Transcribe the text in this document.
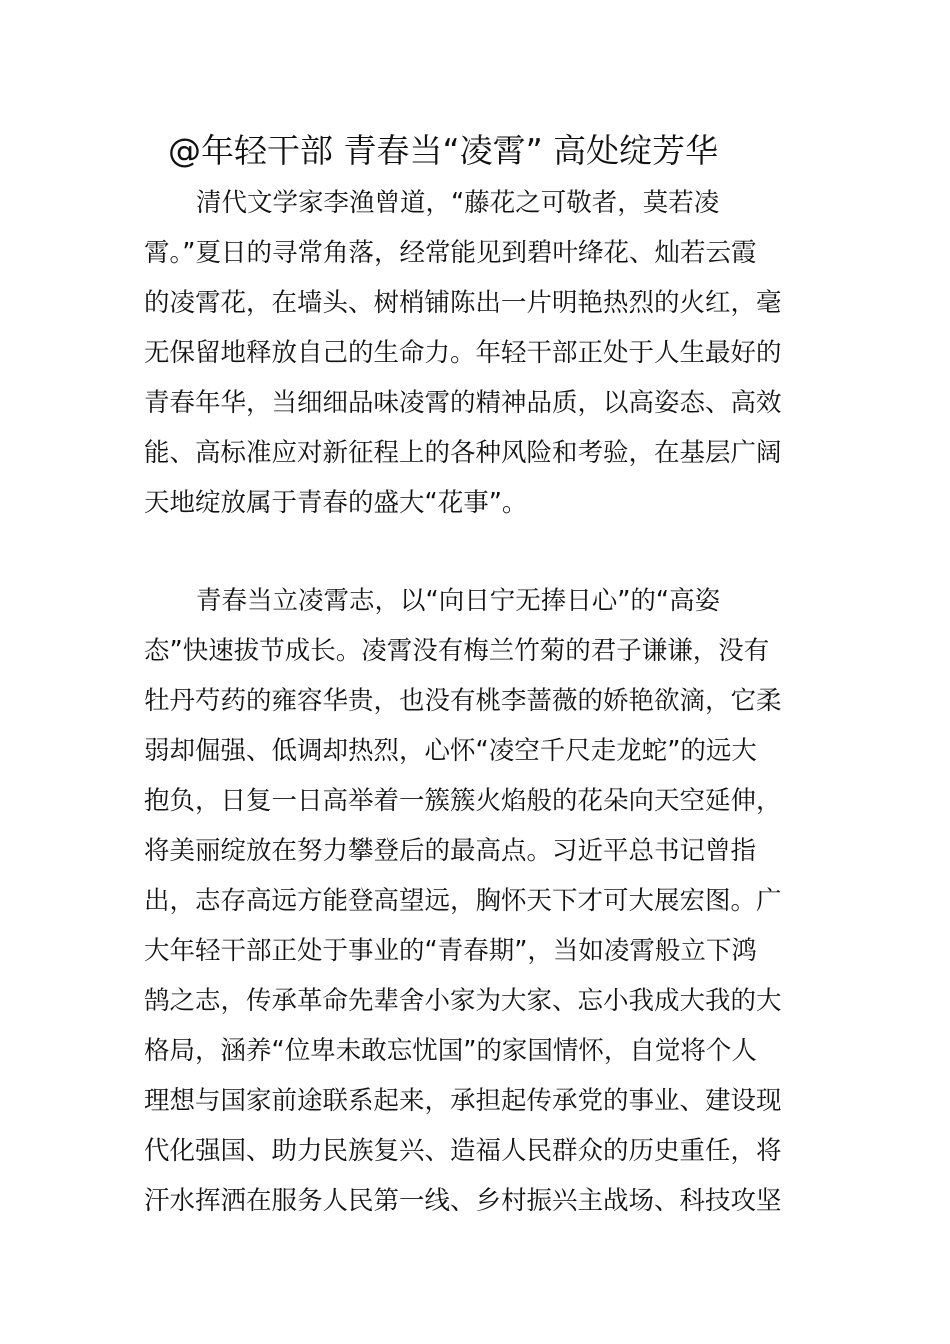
@年轻干部 青春当“凌霄” 高处绽芳华
清代文学家李渔曾道，“藤花之可敬者，莫若凌
霄。”夏日的寻常角落，经常能见到碧叶绛花、灿若云霞
的凌霄花，在墙头、树梢铺陈出一片明艳热烈的火红，毫
无保留地释放自己的生命力。年轻干部正处于人生最好的
青春年华，当细细品味凌霄的精神品质，以高姿态、高效
能、高标准应对新征程上的各种风险和考验，在基层广阔
天地绽放属于青春的盛大“花事”。
青春当立凌霄志，以“向日宁无捧日心”的“高姿
态”快速拔节成长。凌霄没有梅兰竹菊的君子谦谦，没有
牡丹芍药的雍容华贵，也没有桃李蔷薇的娇艳欲滴，它柔
弱却倔强、低调却热烈，心怀“凌空千尺走龙蛇”的远大
抱负，日复一日高举着一簇簇火焰般的花朵向天空延伸，
将美丽绽放在努力攀登后的最高点。习近平总书记曾指
出，志存高远方能登高望远，胸怀天下才可大展宏图。广
大年轻干部正处于事业的“青春期”，当如凌霄般立下鸿
鹄之志，传承革命先辈舍小家为大家、忘小我成大我的大
格局，涵养“位卑未敢忘忧国”的家国情怀，自觉将个人
理想与国家前途联系起来，承担起传承党的事业、建设现
代化强国、助力民族复兴、造福人民群众的历史重任，将
汗水挥洒在服务人民第一线、乡村振兴主战场、科技攻坚
